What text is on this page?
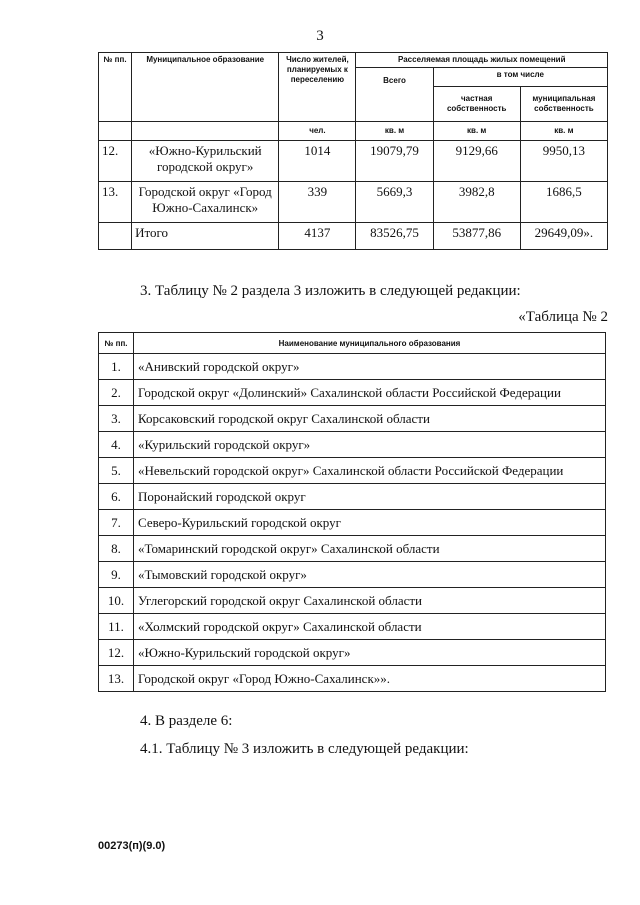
3
№ пп.	Муниципальное образование	Число жителей, планируемых к переселению	Расселяемая площадь жилых помещений		
			Всего	в том числе	
				частная собственность	муниципальная собственность
		чел.	кв. м	кв. м	кв. м
12.	«Южно-Курильский городской округ»	1014	19079,79	9129,66	9950,13
13.	Городской округ «Город Южно-Сахалинск»	339	5669,3	3982,8	1686,5
	Итого	4137	83526,75	53877,86	29649,09».
3. Таблицу № 2 раздела 3 изложить в следующей редакции:
«Таблица № 2
№ пп.	Наименование муниципального образования
1.	«Анивский городской округ»
2.	Городской округ «Долинский» Сахалинской области Российской Федерации
3.	Корсаковский городской округ Сахалинской области
4.	«Курильский городской округ»
5.	«Невельский городской округ» Сахалинской области Российской Федерации
6.	Поронайский городской округ
7.	Северо-Курильский городской округ
8.	«Томаринский городской округ» Сахалинской области
9.	«Тымовский городской округ»
10.	Углегорский городской округ Сахалинской области
11.	«Холмский городской округ» Сахалинской области
12.	«Южно-Курильский городской округ»
13.	Городской округ «Город Южно-Сахалинск»».
4. В разделе 6:
4.1. Таблицу № 3 изложить в следующей редакции:
00273(п)(9.0)
